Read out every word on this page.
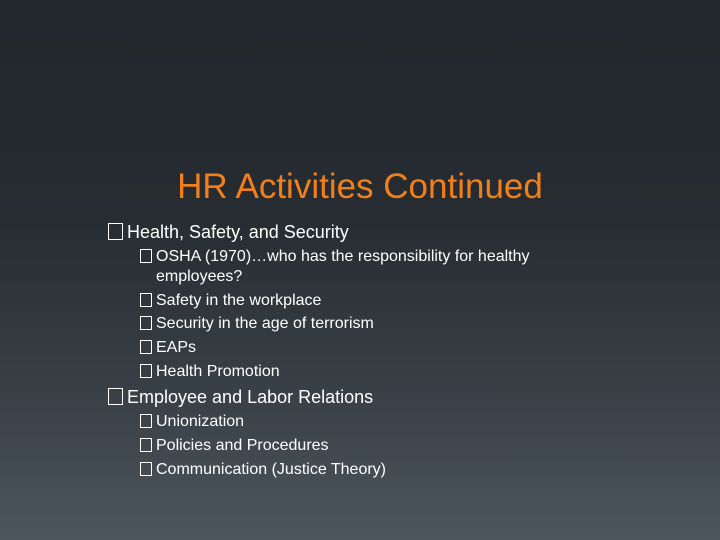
HR Activities Continued
Health, Safety, and Security
OSHA (1970)…who has the responsibility for healthy
employees?
Safety in the workplace
Security in the age of terrorism
EAPs
Health Promotion
Employee and Labor Relations
Unionization
Policies and Procedures
Communication (Justice Theory)
